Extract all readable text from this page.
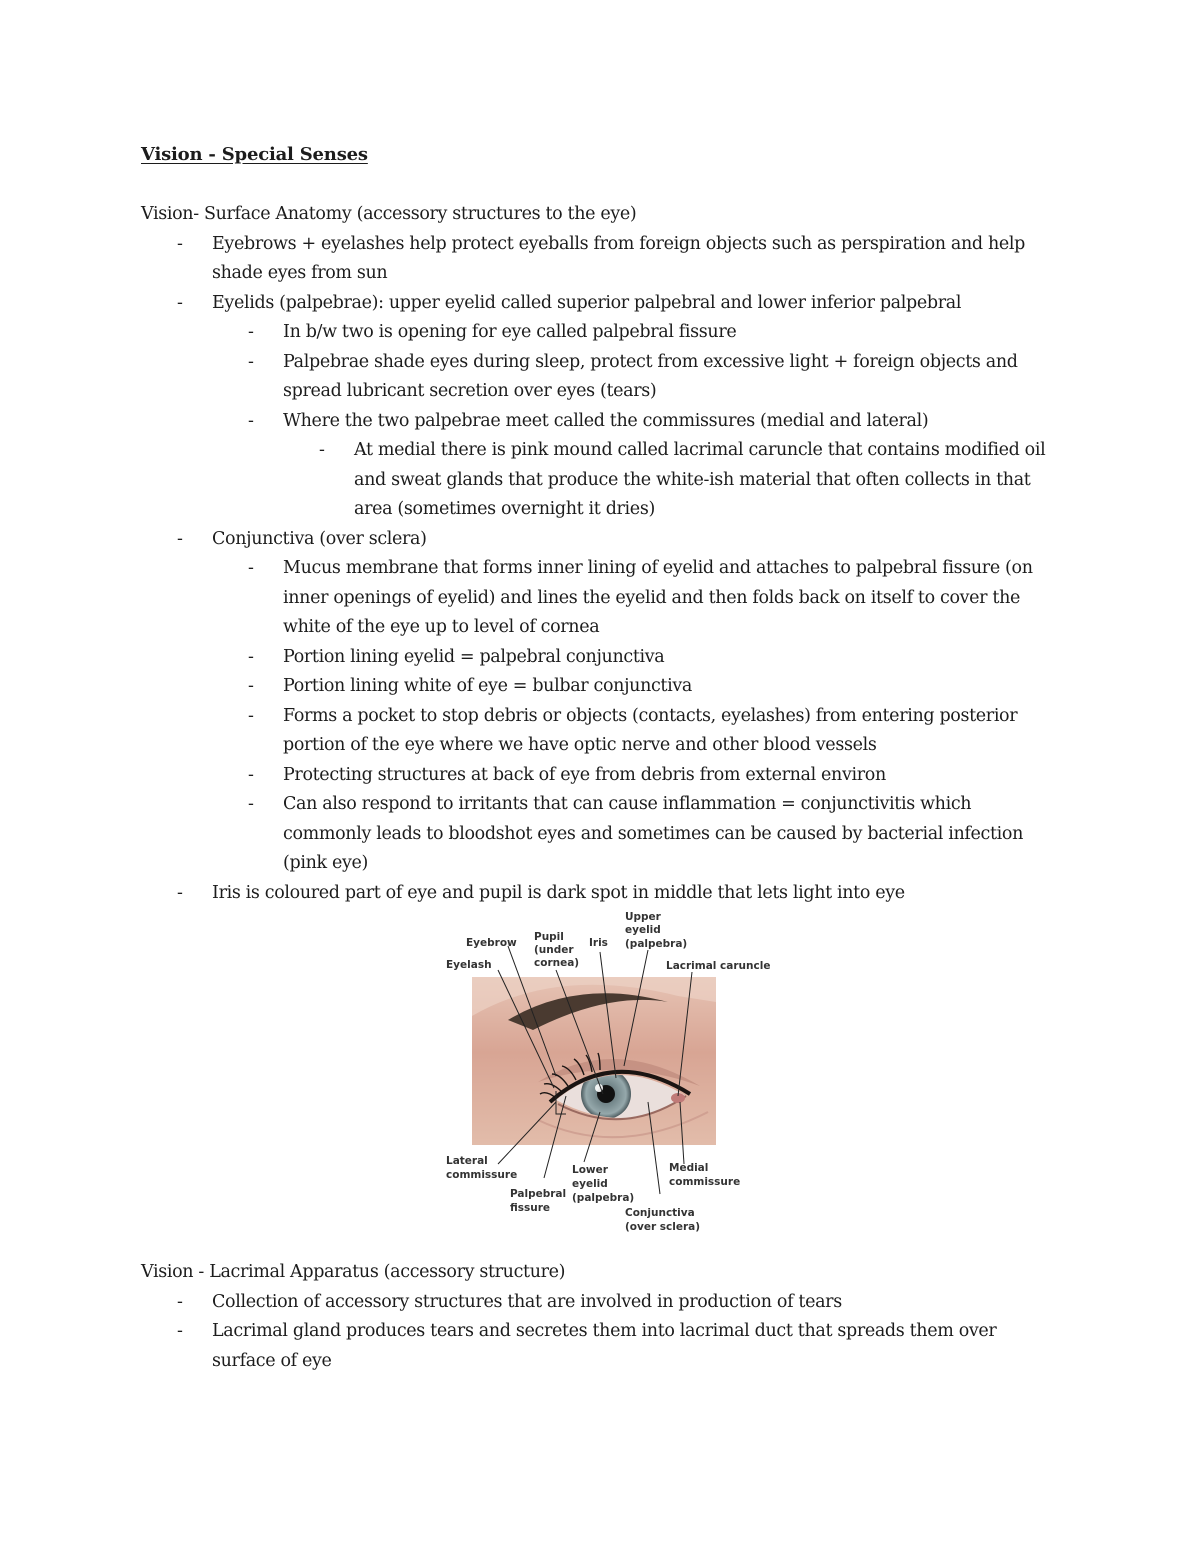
Vision - Special Senses
Vision- Surface Anatomy (accessory structures to the eye)
- Eyebrows + eyelashes help protect eyeballs from foreign objects such as perspiration and help shade eyes from sun
- Eyelids (palpebrae): upper eyelid called superior palpebral and lower inferior palpebral
- In b/w two is opening for eye called palpebral fissure
- Palpebrae shade eyes during sleep, protect from excessive light + foreign objects and spread lubricant secretion over eyes (tears)
- Where the two palpebrae meet called the commissures (medial and lateral)
- At medial there is pink mound called lacrimal caruncle that contains modified oil and sweat glands that produce the white-ish material that often collects in that area (sometimes overnight it dries)
- Conjunctiva (over sclera)
- Mucus membrane that forms inner lining of eyelid and attaches to palpebral fissure (on inner openings of eyelid) and lines the eyelid and then folds back on itself to cover the white of the eye up to level of cornea
- Portion lining eyelid = palpebral conjunctiva
- Portion lining white of eye = bulbar conjunctiva
- Forms a pocket to stop debris or objects (contacts, eyelashes) from entering posterior portion of the eye where we have optic nerve and other blood vessels
- Protecting structures at back of eye from debris from external environ
- Can also respond to irritants that can cause inflammation = conjunctivitis which commonly leads to bloodshot eyes and sometimes can be caused by bacterial infection (pink eye)
- Iris is coloured part of eye and pupil is dark spot in middle that lets light into eye
Eyebrow
Eyelash
Pupil
(under
cornea)
Iris
Upper
eyelid
(palpebra)
Lacrimal caruncle
Lateral
commissure
Palpebral
fissure
Lower
eyelid
(palpebra)
Medial
commissure
Conjunctiva
(over sclera)
Vision - Lacrimal Apparatus (accessory structure)
- Collection of accessory structures that are involved in production of tears
- Lacrimal gland produces tears and secretes them into lacrimal duct that spreads them over surface of eye
